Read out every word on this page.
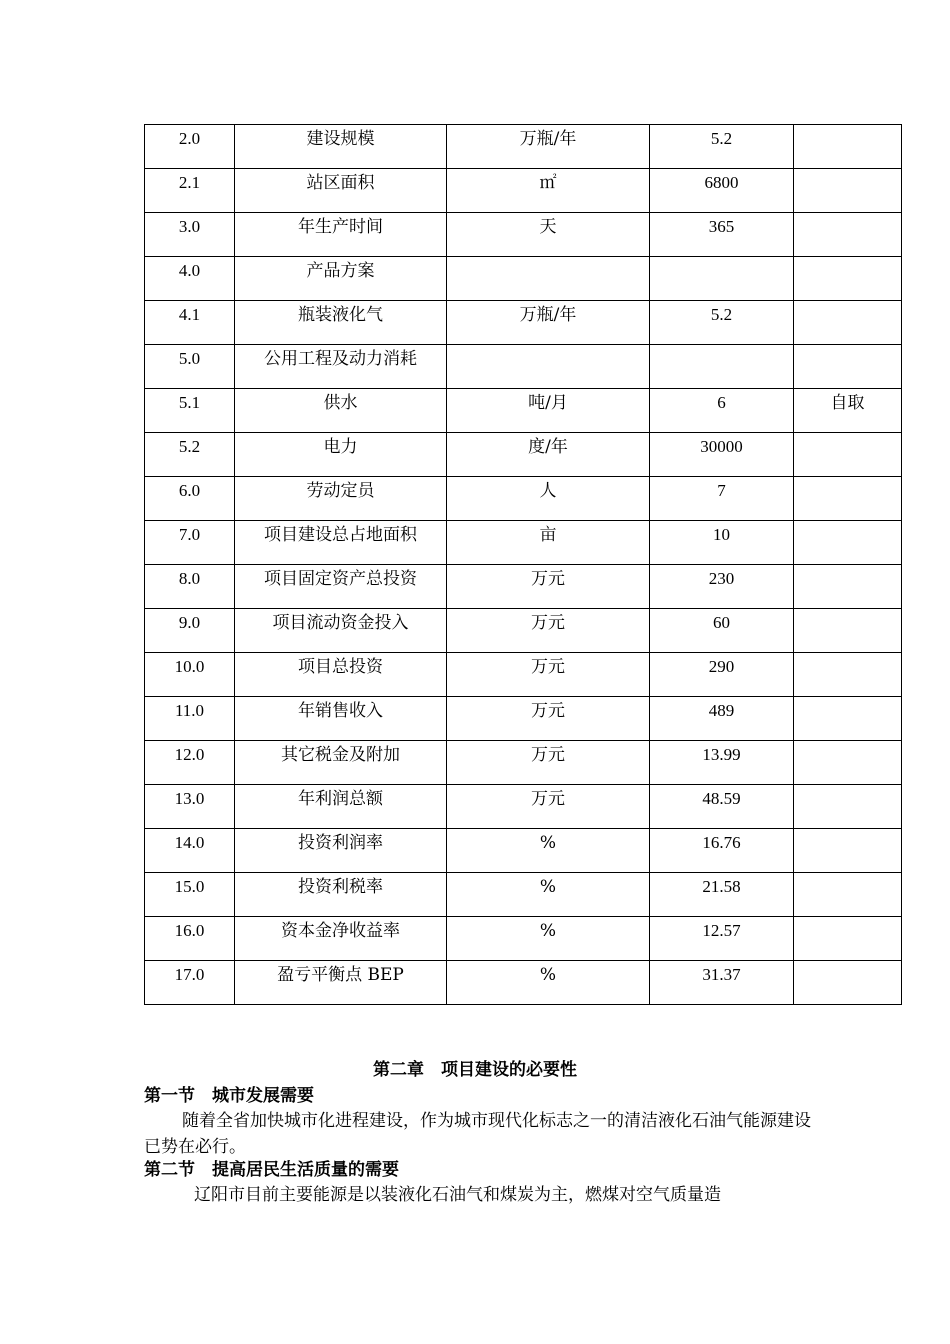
2.0	建设规模	万瓶/年	5.2	
2.1	站区面积	㎡	6800	
3.0	年生产时间	天	365	
4.0	产品方案			
4.1	瓶装液化气	万瓶/年	5.2	
5.0	公用工程及动力消耗			
5.1	供水	吨/月	6	自取
5.2	电力	度/年	30000	
6.0	劳动定员	人	7	
7.0	项目建设总占地面积	亩	10	
8.0	项目固定资产总投资	万元	230	
9.0	项目流动资金投入	万元	60	
10.0	项目总投资	万元	290	
11.0	年销售收入	万元	489	
12.0	其它税金及附加	万元	13.99	
13.0	年利润总额	万元	48.59	
14.0	投资利润率	%	16.76	
15.0	投资利税率	%	21.58	
16.0	资本金净收益率	%	12.57	
17.0	盈亏平衡点 BEP	%	31.37	
第二章　项目建设的必要性
第一节　城市发展需要
随着全省加快城市化进程建设，作为城市现代化标志之一的清洁液化石油气能源建设已势在必行。
第二节　提高居民生活质量的需要
辽阳市目前主要能源是以装液化石油气和煤炭为主，燃煤对空气质量造
